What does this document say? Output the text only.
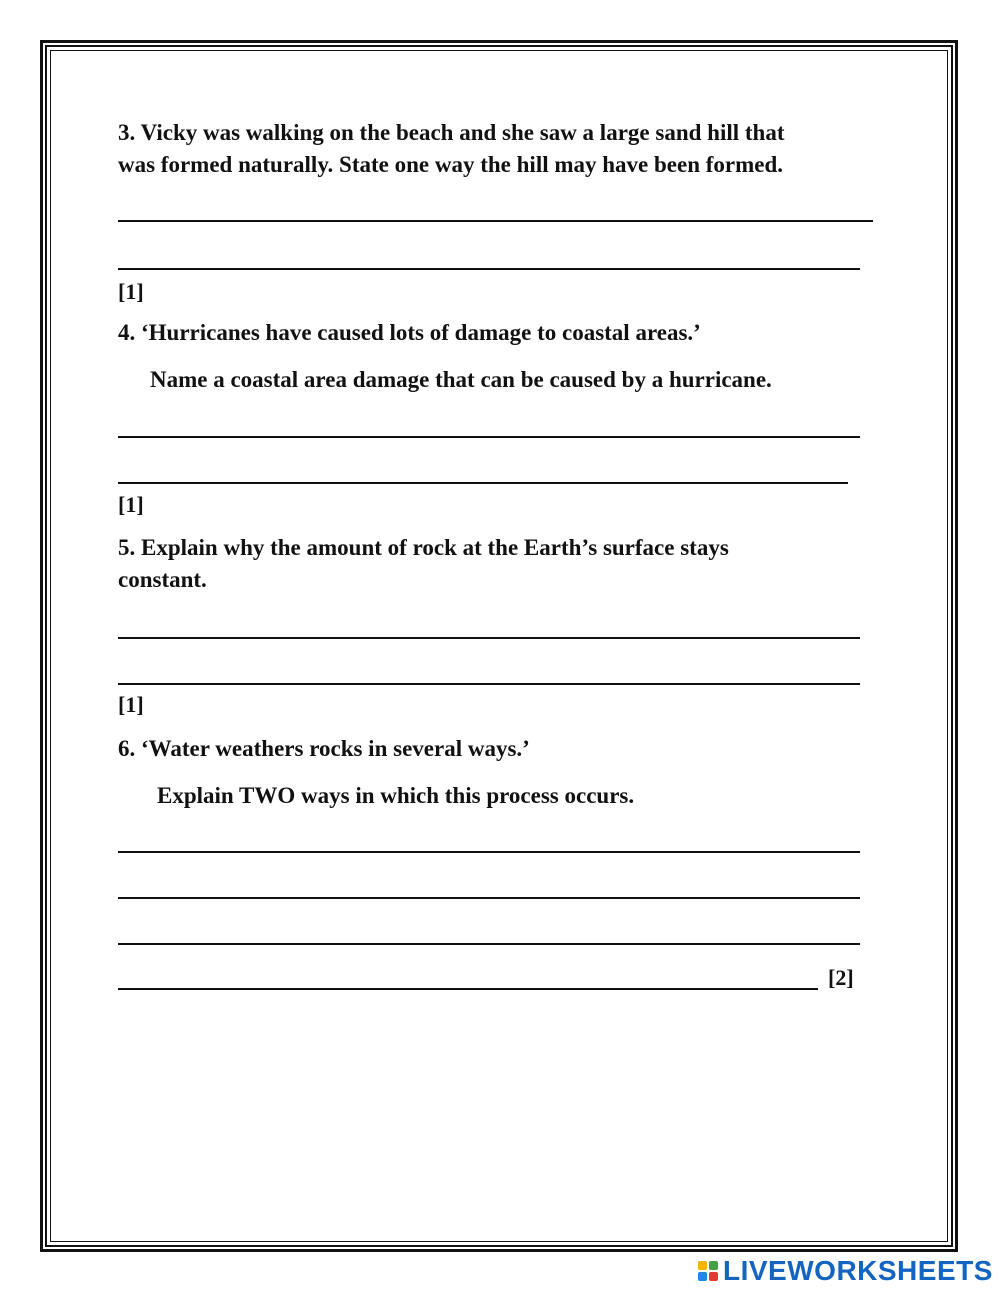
3. Vicky was walking on the beach and she saw a large sand hill that
was formed naturally. State one way the hill may have been formed.
[1]
4. ‘Hurricanes have caused lots of damage to coastal areas.’
Name a coastal area damage that can be caused by a hurricane.
[1]
5. Explain why the amount of rock at the Earth’s surface stays
constant.
[1]
6. ‘Water weathers rocks in several ways.’
Explain TWO ways in which this process occurs.
[2]
LIVEWORKSHEETS
